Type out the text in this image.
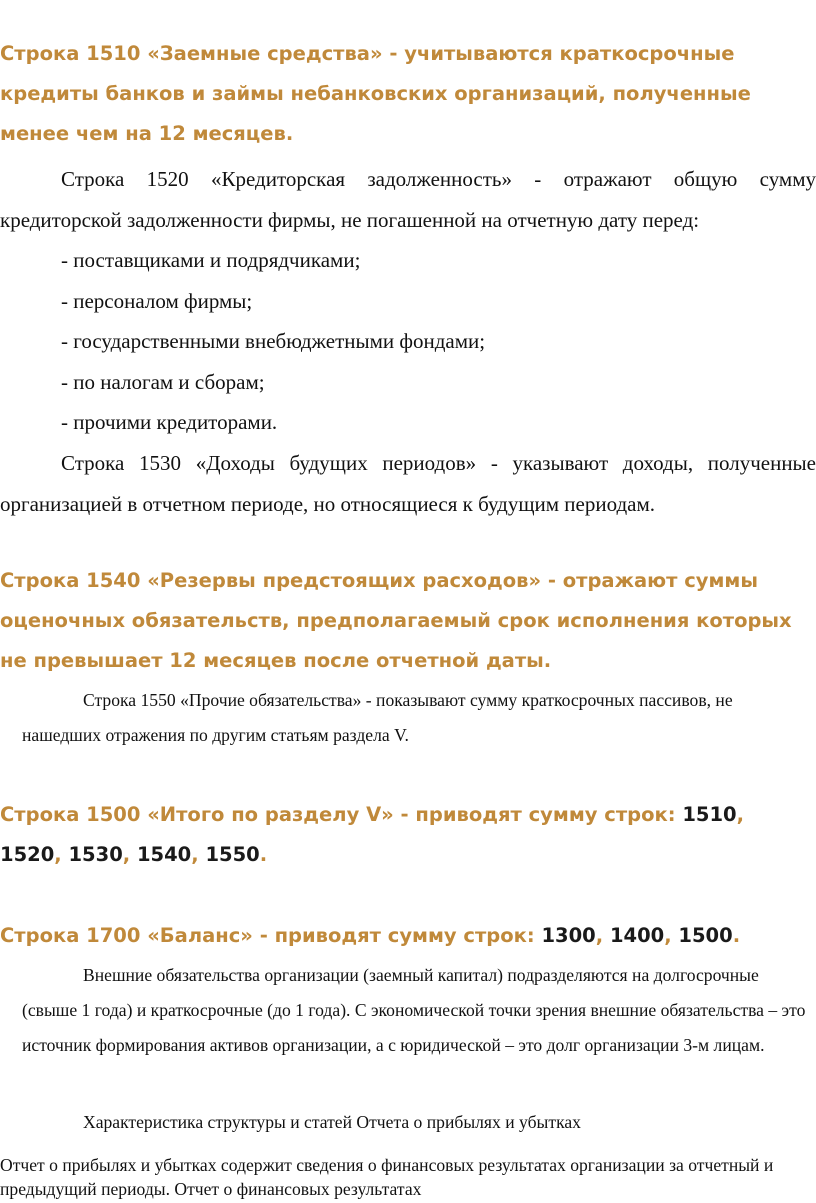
Строка 1510 «Заемные средства» - учитываются краткосрочные кредиты банков и займы небанковских организаций, полученные менее чем на 12 месяцев.

Строка 1520 «Кредиторская задолженность» - отражают общую сумму кредиторской задолженности фирмы, не погашенной на отчетную дату перед:

- поставщиками и подрядчиками;

- персоналом фирмы;

- государственными внебюджетными фондами;

- по налогам и сборам;

- прочими кредиторами.

Строка 1530 «Доходы будущих периодов» - указывают доходы, полученные организацией в отчетном периоде, но относящиеся к будущим периодам.

Строка 1540 «Резервы предстоящих расходов» - отражают суммы оценочных обязательств, предполагаемый срок исполнения которых не превышает 12 месяцев после отчетной даты.

Строка 1550 «Прочие обязательства» - показывают сумму краткосрочных пассивов, не нашедших отражения по другим статьям раздела V.

Строка 1500 «Итого по разделу V» - приводят сумму строк: 1510, 1520, 1530, 1540, 1550.

Строка 1700 «Баланс» - приводят сумму строк: 1300, 1400, 1500.

Внешние обязательства организации (заемный капитал) подразделяются на долгосрочные (свыше 1 года) и краткосрочные (до 1 года). С экономической точки зрения внешние обязательства – это источник формирования активов организации, а с юридической – это долг организации 3-м лицам.

Характеристика структуры и статей Отчета о прибылях и убытках

Отчет о прибылях и убытках содержит сведения о финансовых результатах организации за отчетный и предыдущий периоды. Отчет о финансовых результатах
